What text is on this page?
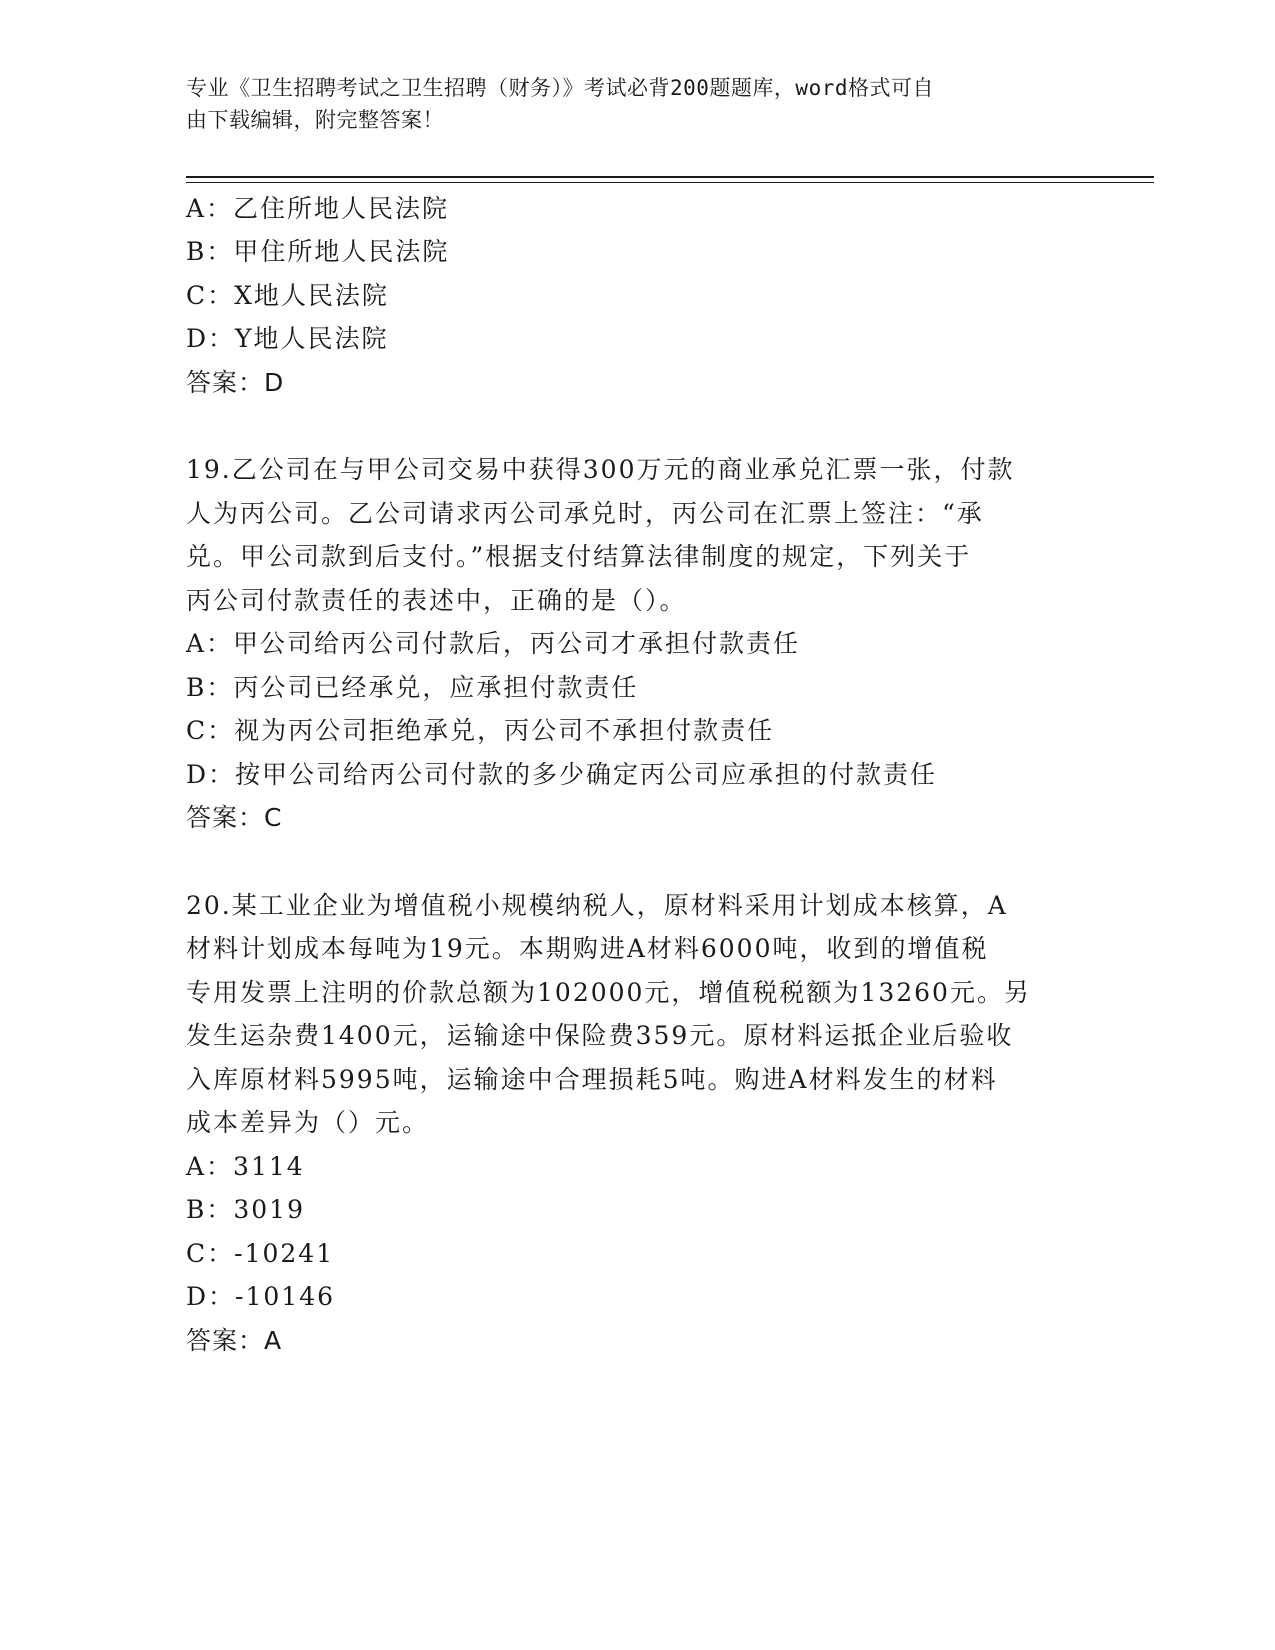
专业《卫生招聘考试之卫生招聘（财务）》考试必背200题题库，word格式可自
由下载编辑，附完整答案！
A：乙住所地人民法院
B：甲住所地人民法院
C：X地人民法院
D：Y地人民法院
答案：D
19.乙公司在与甲公司交易中获得300万元的商业承兑汇票一张，付款
人为丙公司。乙公司请求丙公司承兑时，丙公司在汇票上签注：“承
兑。甲公司款到后支付。”根据支付结算法律制度的规定，下列关于
丙公司付款责任的表述中，正确的是（）。
A：甲公司给丙公司付款后，丙公司才承担付款责任
B：丙公司已经承兑，应承担付款责任
C：视为丙公司拒绝承兑，丙公司不承担付款责任
D：按甲公司给丙公司付款的多少确定丙公司应承担的付款责任
答案：C
20.某工业企业为增值税小规模纳税人，原材料采用计划成本核算，A
材料计划成本每吨为19元。本期购进A材料6000吨，收到的增值税
专用发票上注明的价款总额为102000元，增值税税额为13260元。另
发生运杂费1400元，运输途中保险费359元。原材料运抵企业后验收
入库原材料5995吨，运输途中合理损耗5吨。购进A材料发生的材料
成本差异为（）元。
A：3114
B：3019
C：-10241
D：-10146
答案：A
